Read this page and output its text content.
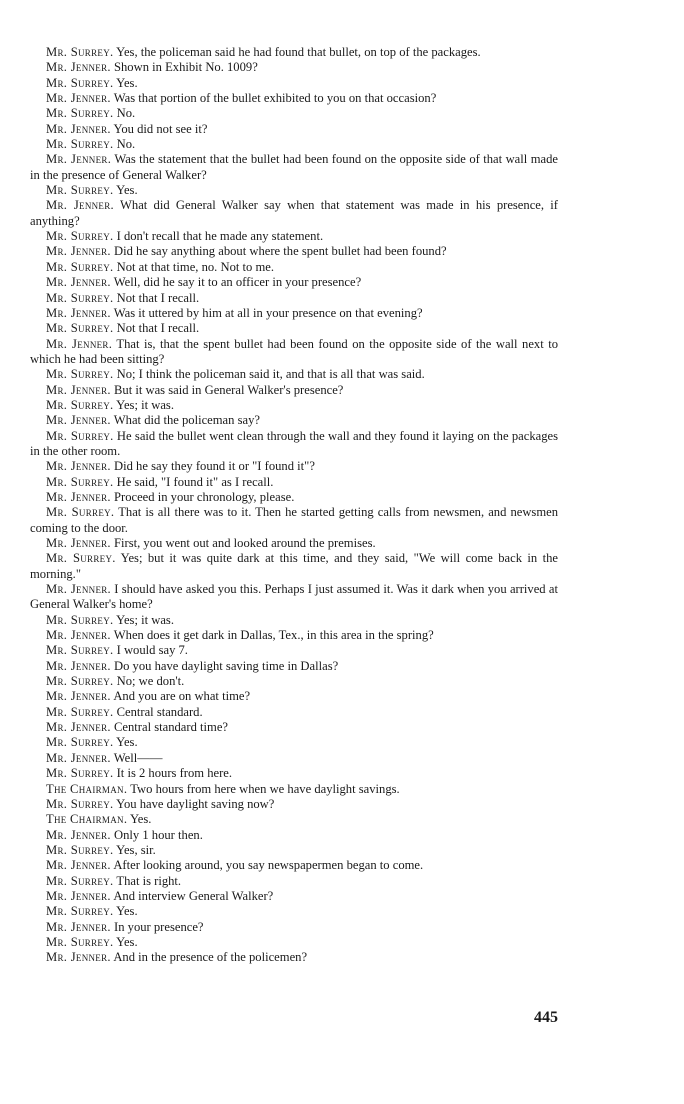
Mr. Surrey. Yes, the policeman said he had found that bullet, on top of the packages.

Mr. Jenner. Shown in Exhibit No. 1009?

Mr. Surrey. Yes.

Mr. Jenner. Was that portion of the bullet exhibited to you on that occasion?

Mr. Surrey. No.

Mr. Jenner. You did not see it?

Mr. Surrey. No.

Mr. Jenner. Was the statement that the bullet had been found on the opposite side of that wall made in the presence of General Walker?

Mr. Surrey. Yes.

Mr. Jenner. What did General Walker say when that statement was made in his presence, if anything?

Mr. Surrey. I don't recall that he made any statement.

Mr. Jenner. Did he say anything about where the spent bullet had been found?

Mr. Surrey. Not at that time, no. Not to me.

Mr. Jenner. Well, did he say it to an officer in your presence?

Mr. Surrey. Not that I recall.

Mr. Jenner. Was it uttered by him at all in your presence on that evening?

Mr. Surrey. Not that I recall.

Mr. Jenner. That is, that the spent bullet had been found on the opposite side of the wall next to which he had been sitting?

Mr. Surrey. No; I think the policeman said it, and that is all that was said.

Mr. Jenner. But it was said in General Walker's presence?

Mr. Surrey. Yes; it was.

Mr. Jenner. What did the policeman say?

Mr. Surrey. He said the bullet went clean through the wall and they found it laying on the packages in the other room.

Mr. Jenner. Did he say they found it or "I found it"?

Mr. Surrey. He said, "I found it" as I recall.

Mr. Jenner. Proceed in your chronology, please.

Mr. Surrey. That is all there was to it. Then he started getting calls from newsmen, and newsmen coming to the door.

Mr. Jenner. First, you went out and looked around the premises.

Mr. Surrey. Yes; but it was quite dark at this time, and they said, "We will come back in the morning."

Mr. Jenner. I should have asked you this. Perhaps I just assumed it. Was it dark when you arrived at General Walker's home?

Mr. Surrey. Yes; it was.

Mr. Jenner. When does it get dark in Dallas, Tex., in this area in the spring?

Mr. Surrey. I would say 7.

Mr. Jenner. Do you have daylight saving time in Dallas?

Mr. Surrey. No; we don't.

Mr. Jenner. And you are on what time?

Mr. Surrey. Central standard.

Mr. Jenner. Central standard time?

Mr. Surrey. Yes.

Mr. Jenner. Well——

Mr. Surrey. It is 2 hours from here.

The Chairman. Two hours from here when we have daylight savings.

Mr. Surrey. You have daylight saving now?

The Chairman. Yes.

Mr. Jenner. Only 1 hour then.

Mr. Surrey. Yes, sir.

Mr. Jenner. After looking around, you say newspapermen began to come.

Mr. Surrey. That is right.

Mr. Jenner. And interview General Walker?

Mr. Surrey. Yes.

Mr. Jenner. In your presence?

Mr. Surrey. Yes.

Mr. Jenner. And in the presence of the policemen?

445
